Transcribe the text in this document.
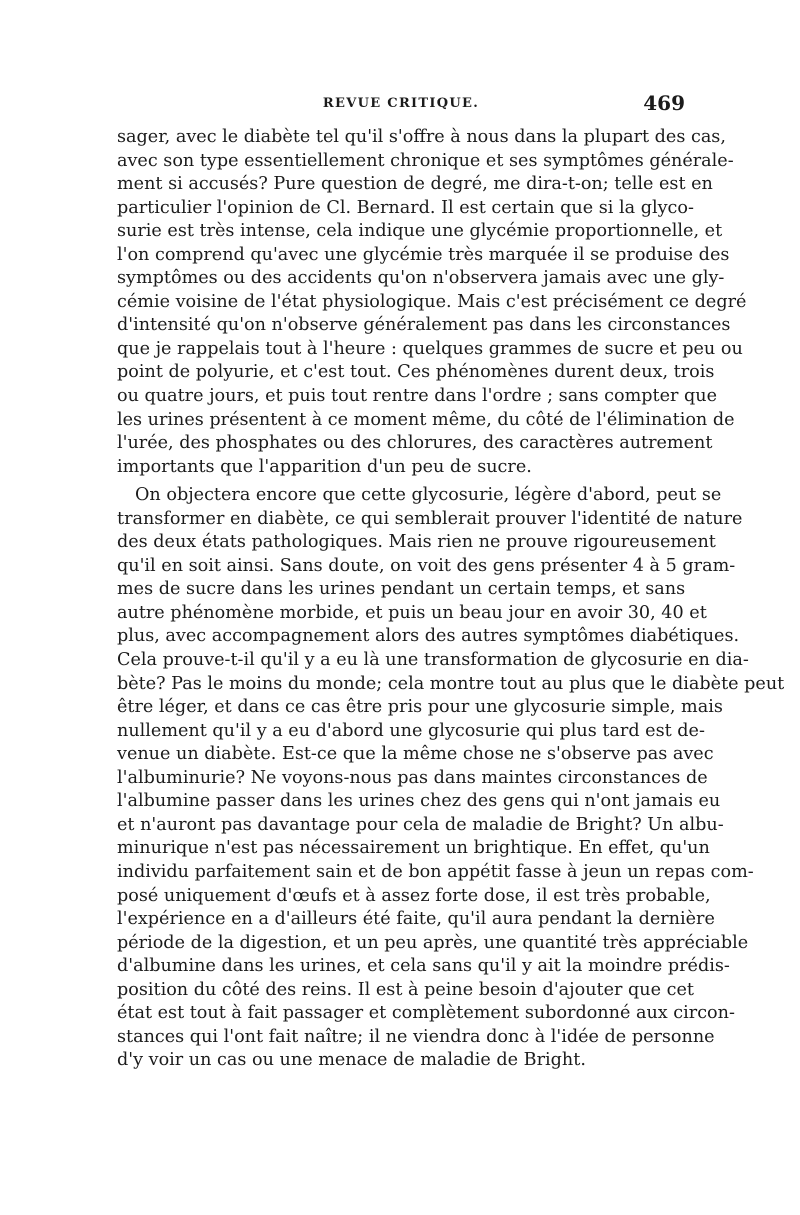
REVUE CRITIQUE.	469
sager, avec le diabète tel qu'il s'offre à nous dans la plupart des cas,
avec son type essentiellement chronique et ses symptômes générale-
ment si accusés? Pure question de degré, me dira-t-on; telle est en
particulier l'opinion de Cl. Bernard. Il est certain que si la glyco-
surie est très intense, cela indique une glycémie proportionnelle, et
l'on comprend qu'avec une glycémie très marquée il se produise des
symptômes ou des accidents qu'on n'observera jamais avec une gly-
cémie voisine de l'état physiologique. Mais c'est précisément ce degré
d'intensité qu'on n'observe généralement pas dans les circonstances
que je rappelais tout à l'heure : quelques grammes de sucre et peu ou
point de polyurie, et c'est tout. Ces phénomènes durent deux, trois
ou quatre jours, et puis tout rentre dans l'ordre ; sans compter que
les urines présentent à ce moment même, du côté de l'élimination de
l'urée, des phosphates ou des chlorures, des caractères autrement
importants que l'apparition d'un peu de sucre.
On objectera encore que cette glycosurie, légère d'abord, peut se
transformer en diabète, ce qui semblerait prouver l'identité de nature
des deux états pathologiques. Mais rien ne prouve rigoureusement
qu'il en soit ainsi. Sans doute, on voit des gens présenter 4 à 5 gram-
mes de sucre dans les urines pendant un certain temps, et sans
autre phénomène morbide, et puis un beau jour en avoir 30, 40 et
plus, avec accompagnement alors des autres symptômes diabétiques.
Cela prouve-t-il qu'il y a eu là une transformation de glycosurie en dia-
bète? Pas le moins du monde; cela montre tout au plus que le diabète peut
être léger, et dans ce cas être pris pour une glycosurie simple, mais
nullement qu'il y a eu d'abord une glycosurie qui plus tard est de-
venue un diabète. Est-ce que la même chose ne s'observe pas avec
l'albuminurie? Ne voyons-nous pas dans maintes circonstances de
l'albumine passer dans les urines chez des gens qui n'ont jamais eu
et n'auront pas davantage pour cela de maladie de Bright? Un albu-
minurique n'est pas nécessairement un brightique. En effet, qu'un
individu parfaitement sain et de bon appétit fasse à jeun un repas com-
posé uniquement d'œufs et à assez forte dose, il est très probable,
l'expérience en a d'ailleurs été faite, qu'il aura pendant la dernière
période de la digestion, et un peu après, une quantité très appréciable
d'albumine dans les urines, et cela sans qu'il y ait la moindre prédis-
position du côté des reins. Il est à peine besoin d'ajouter que cet
état est tout à fait passager et complètement subordonné aux circon-
stances qui l'ont fait naître; il ne viendra donc à l'idée de personne
d'y voir un cas ou une menace de maladie de Bright.
